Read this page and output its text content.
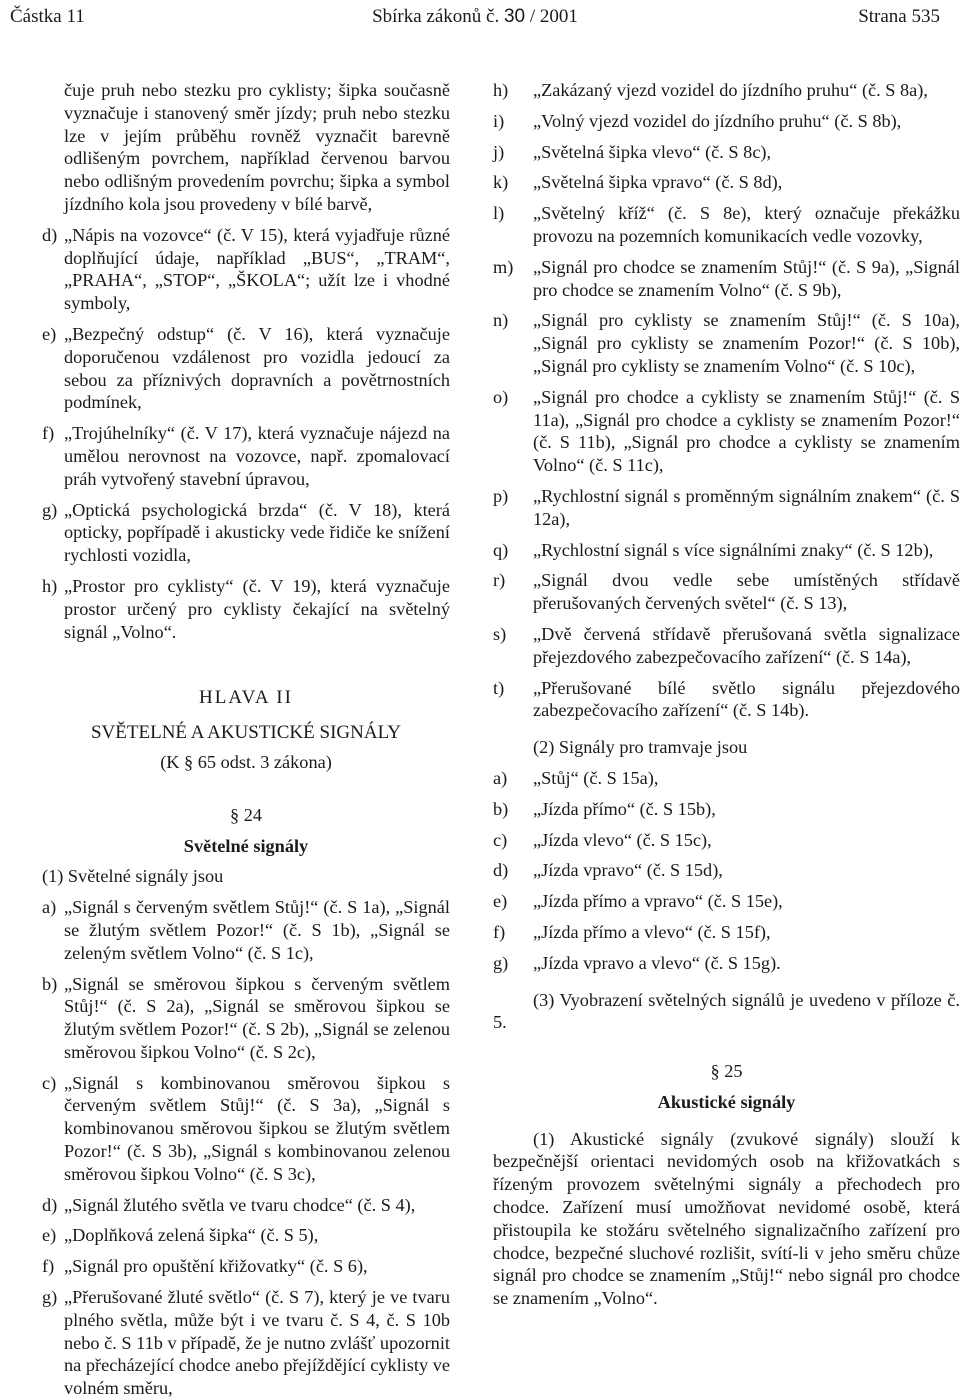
Částka 11	Sbírka zákonů č. 30 / 2001	Strana 535
čuje pruh nebo stezku pro cyklisty; šipka současně vyznačuje i stanovený směr jízdy; pruh nebo stezku lze v jejím průběhu rovněž vyznačit barevně odlišeným povrchem, například červenou barvou nebo odlišným provedením povrchu; šipka a symbol jízdního kola jsou provedeny v bílé barvě,
d) „Nápis na vozovce“ (č. V 15), která vyjadřuje různé doplňující údaje, například „BUS“, „TRAM“, „PRAHA“, „STOP“, „ŠKOLA“; užít lze i vhodné symboly,
e) „Bezpečný odstup“ (č. V 16), která vyznačuje doporučenou vzdálenost pro vozidla jedoucí za sebou za příznivých dopravních a povětrnostních podmínek,
f) „Trojúhelníky“ (č. V 17), která vyznačuje nájezd na umělou nerovnost na vozovce, např. zpomalovací práh vytvořený stavební úpravou,
g) „Optická psychologická brzda“ (č. V 18), která opticky, popřípadě i akusticky vede řidiče ke snížení rychlosti vozidla,
h) „Prostor pro cyklisty“ (č. V 19), která vyznačuje prostor určený pro cyklisty čekající na světelný signál „Volno“.
HLAVA II
SVĚTELNÉ A AKUSTICKÉ SIGNÁLY
(K § 65 odst. 3 zákona)
§ 24
Světelné signály
(1) Světelné signály jsou
a) „Signál s červeným světlem Stůj!“ (č. S 1a), „Signál se žlutým světlem Pozor!“ (č. S 1b), „Signál se zeleným světlem Volno“ (č. S 1c),
b) „Signál se směrovou šipkou s červeným světlem Stůj!“ (č. S 2a), „Signál se směrovou šipkou se žlutým světlem Pozor!“ (č. S 2b), „Signál se zelenou směrovou šipkou Volno“ (č. S 2c),
c) „Signál s kombinovanou směrovou šipkou s červeným světlem Stůj!“ (č. S 3a), „Signál s kombinovanou směrovou šipkou se žlutým světlem Pozor!“ (č. S 3b), „Signál s kombinovanou zelenou směrovou šipkou Volno“ (č. S 3c),
d) „Signál žlutého světla ve tvaru chodce“ (č. S 4),
e) „Doplňková zelená šipka“ (č. S 5),
f) „Signál pro opuštění křižovatky“ (č. S 6),
g) „Přerušované žluté světlo“ (č. S 7), který je ve tvaru plného světla, může být i ve tvaru č. S 4, č. S 10b nebo č. S 11b v případě, že je nutno zvlášť upozornit na přecházející chodce anebo přejíždějící cyklisty ve volném směru,
h) „Zakázaný vjezd vozidel do jízdního pruhu“ (č. S 8a),
i) „Volný vjezd vozidel do jízdního pruhu“ (č. S 8b),
j) „Světelná šipka vlevo“ (č. S 8c),
k) „Světelná šipka vpravo“ (č. S 8d),
l) „Světelný kříž“ (č. S 8e), který označuje překážku provozu na pozemních komunikacích vedle vozovky,
m) „Signál pro chodce se znamením Stůj!“ (č. S 9a), „Signál pro chodce se znamením Volno“ (č. S 9b),
n) „Signál pro cyklisty se znamením Stůj!“ (č. S 10a), „Signál pro cyklisty se znamením Pozor!“ (č. S 10b), „Signál pro cyklisty se znamením Volno“ (č. S 10c),
o) „Signál pro chodce a cyklisty se znamením Stůj!“ (č. S 11a), „Signál pro chodce a cyklisty se znamením Pozor!“ (č. S 11b), „Signál pro chodce a cyklisty se znamením Volno“ (č. S 11c),
p) „Rychlostní signál s proměnným signálním znakem“ (č. S 12a),
q) „Rychlostní signál s více signálními znaky“ (č. S 12b),
r) „Signál dvou vedle sebe umístěných střídavě přerušovaných červených světel“ (č. S 13),
s) „Dvě červená střídavě přerušovaná světla signalizace přejezdového zabezpečovacího zařízení“ (č. S 14a),
t) „Přerušované bílé světlo signálu přejezdového zabezpečovacího zařízení“ (č. S 14b).
(2) Signály pro tramvaje jsou
a) „Stůj“ (č. S 15a),
b) „Jízda přímo“ (č. S 15b),
c) „Jízda vlevo“ (č. S 15c),
d) „Jízda vpravo“ (č. S 15d),
e) „Jízda přímo a vpravo“ (č. S 15e),
f) „Jízda přímo a vlevo“ (č. S 15f),
g) „Jízda vpravo a vlevo“ (č. S 15g).
(3) Vyobrazení světelných signálů je uvedeno v příloze č. 5.
§ 25
Akustické signály
(1) Akustické signály (zvukové signály) slouží k bezpečnější orientaci nevidomých osob na křižovatkách s řízeným provozem světelnými signály a přechodech pro chodce. Zařízení musí umožňovat nevidomé osobě, která přistoupila ke stožáru světelného signalizačního zařízení pro chodce, bezpečné sluchové rozlišit, svítí-li v jeho směru chůze signál pro chodce se znamením „Stůj!“ nebo signál pro chodce se znamením „Volno“.
